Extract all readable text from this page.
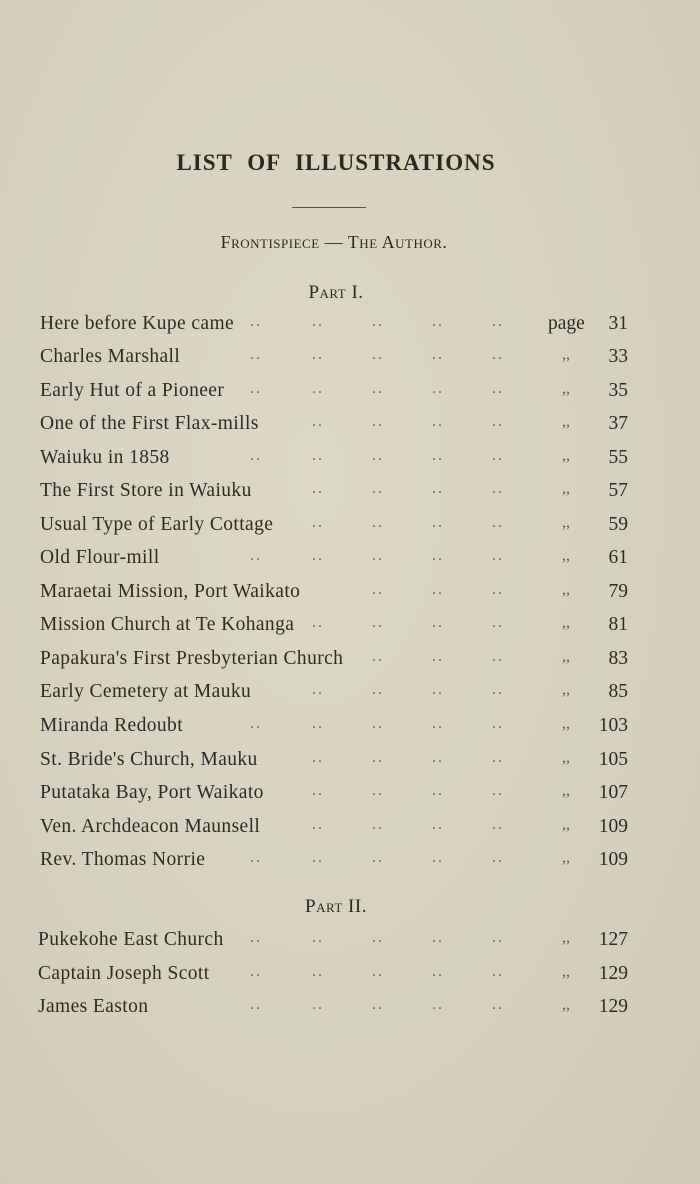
LIST OF ILLUSTRATIONS
Frontispiece — The Author.
Part I.
Here before Kupe came	page 31
..	..	..	..	..
Charles Marshall	,, 33
..	..	..	..	..
Early Hut of a Pioneer	,, 35
..	..	..	..	..
One of the First Flax-mills	,, 37
..	..	..	..
Waiuku in 1858	,, 55
..	..	..	..	..
The First Store in Waiuku	,, 57
..	..	..	..
Usual Type of Early Cottage	,, 59
..	..	..	..
Old Flour-mill	,, 61
..	..	..	..	..
Maraetai Mission, Port Waikato	,, 79
..	..	..
Mission Church at Te Kohanga	,, 81
..	..	..	..
Papakura's First Presbyterian Church	,, 83
..	..	..
Early Cemetery at Mauku	,, 85
..	..	..	..
Miranda Redoubt	,, 103
..	..	..	..	..
St. Bride's Church, Mauku	,, 105
..	..	..	..
Putataka Bay, Port Waikato	,, 107
..	..	..	..
Ven. Archdeacon Maunsell	,, 109
..	..	..	..
Rev. Thomas Norrie	,, 109
..	..	..	..	..
Part II.
Pukekohe East Church	,, 127
..	..	..	..	..
Captain Joseph Scott	,, 129
..	..	..	..	..
James Easton	,, 129
..	..	..	..	..
